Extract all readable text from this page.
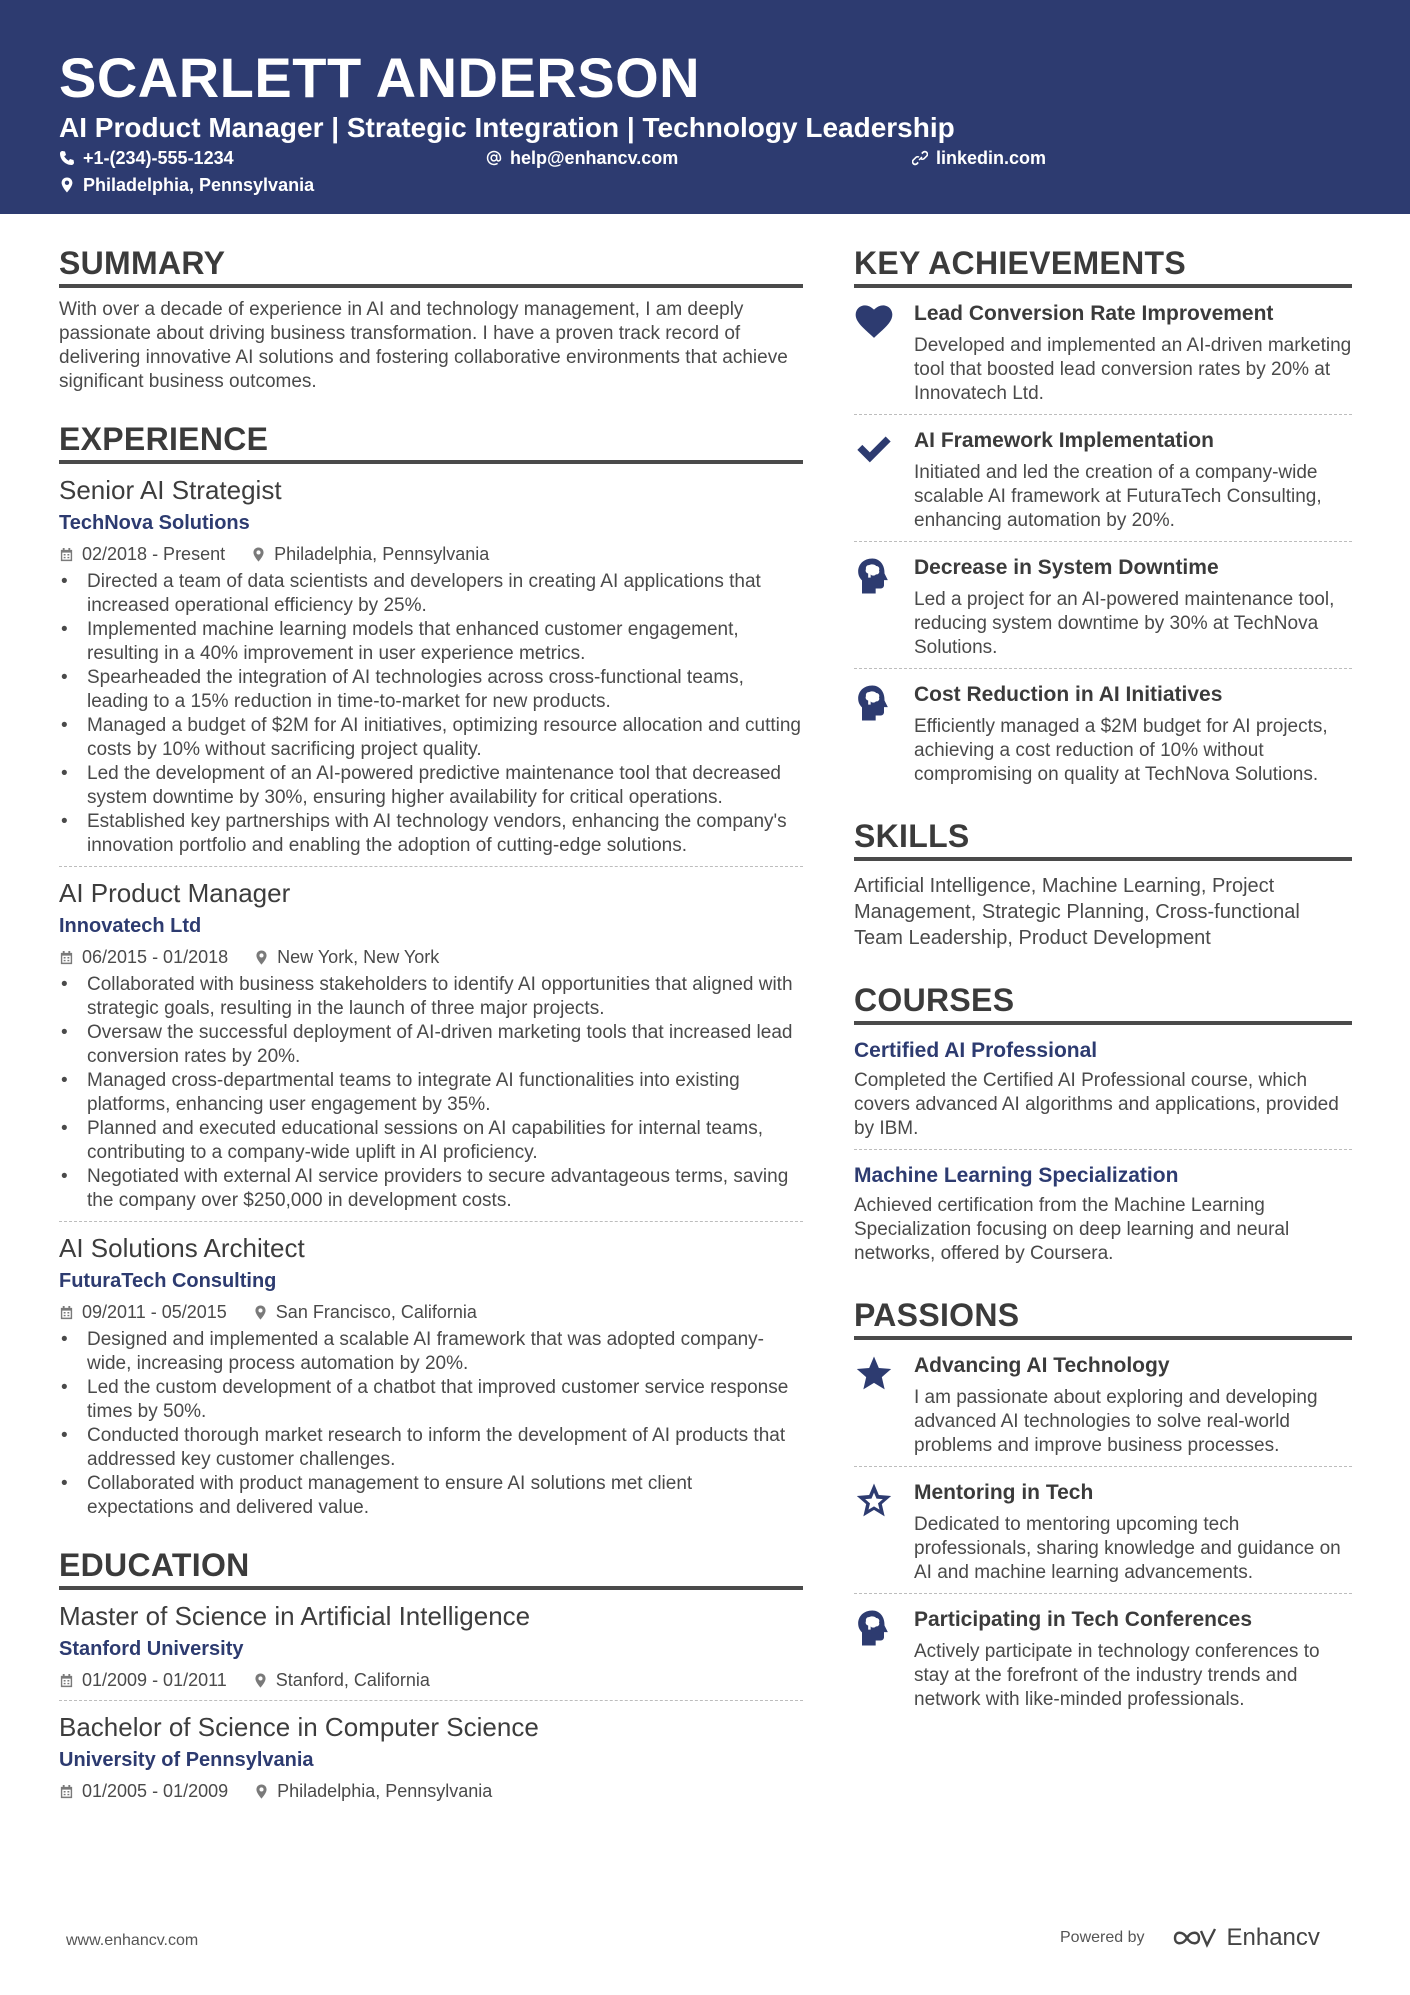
SCARLETT ANDERSON
AI Product Manager | Strategic Integration | Technology Leadership
+1-(234)-555-1234	help@enhancv.com	linkedin.com
Philadelphia, Pennsylvania
SUMMARY
With over a decade of experience in AI and technology management, I am deeply passionate about driving business transformation. I have a proven track record of delivering innovative AI solutions and fostering collaborative environments that achieve significant business outcomes.
EXPERIENCE
Senior AI Strategist
TechNova Solutions
02/2018 - Present	Philadelphia, Pennsylvania
• Directed a team of data scientists and developers in creating AI applications that increased operational efficiency by 25%.
• Implemented machine learning models that enhanced customer engagement, resulting in a 40% improvement in user experience metrics.
• Spearheaded the integration of AI technologies across cross-functional teams, leading to a 15% reduction in time-to-market for new products.
• Managed a budget of $2M for AI initiatives, optimizing resource allocation and cutting costs by 10% without sacrificing project quality.
• Led the development of an AI-powered predictive maintenance tool that decreased system downtime by 30%, ensuring higher availability for critical operations.
• Established key partnerships with AI technology vendors, enhancing the company's innovation portfolio and enabling the adoption of cutting-edge solutions.
AI Product Manager
Innovatech Ltd
06/2015 - 01/2018	New York, New York
• Collaborated with business stakeholders to identify AI opportunities that aligned with strategic goals, resulting in the launch of three major projects.
• Oversaw the successful deployment of AI-driven marketing tools that increased lead conversion rates by 20%.
• Managed cross-departmental teams to integrate AI functionalities into existing platforms, enhancing user engagement by 35%.
• Planned and executed educational sessions on AI capabilities for internal teams, contributing to a company-wide uplift in AI proficiency.
• Negotiated with external AI service providers to secure advantageous terms, saving the company over $250,000 in development costs.
AI Solutions Architect
FuturaTech Consulting
09/2011 - 05/2015	San Francisco, California
• Designed and implemented a scalable AI framework that was adopted company-wide, increasing process automation by 20%.
• Led the custom development of a chatbot that improved customer service response times by 50%.
• Conducted thorough market research to inform the development of AI products that addressed key customer challenges.
• Collaborated with product management to ensure AI solutions met client expectations and delivered value.
EDUCATION
Master of Science in Artificial Intelligence
Stanford University
01/2009 - 01/2011	Stanford, California
Bachelor of Science in Computer Science
University of Pennsylvania
01/2005 - 01/2009	Philadelphia, Pennsylvania
KEY ACHIEVEMENTS
Lead Conversion Rate Improvement
Developed and implemented an AI-driven marketing tool that boosted lead conversion rates by 20% at Innovatech Ltd.
AI Framework Implementation
Initiated and led the creation of a company-wide scalable AI framework at FuturaTech Consulting, enhancing automation by 20%.
Decrease in System Downtime
Led a project for an AI-powered maintenance tool, reducing system downtime by 30% at TechNova Solutions.
Cost Reduction in AI Initiatives
Efficiently managed a $2M budget for AI projects, achieving a cost reduction of 10% without compromising on quality at TechNova Solutions.
SKILLS
Artificial Intelligence, Machine Learning, Project Management, Strategic Planning, Cross-functional Team Leadership, Product Development
COURSES
Certified AI Professional
Completed the Certified AI Professional course, which covers advanced AI algorithms and applications, provided by IBM.
Machine Learning Specialization
Achieved certification from the Machine Learning Specialization focusing on deep learning and neural networks, offered by Coursera.
PASSIONS
Advancing AI Technology
I am passionate about exploring and developing advanced AI technologies to solve real-world problems and improve business processes.
Mentoring in Tech
Dedicated to mentoring upcoming tech professionals, sharing knowledge and guidance on AI and machine learning advancements.
Participating in Tech Conferences
Actively participate in technology conferences to stay at the forefront of the industry trends and network with like-minded professionals.
www.enhancv.com	Powered by	Enhancv
